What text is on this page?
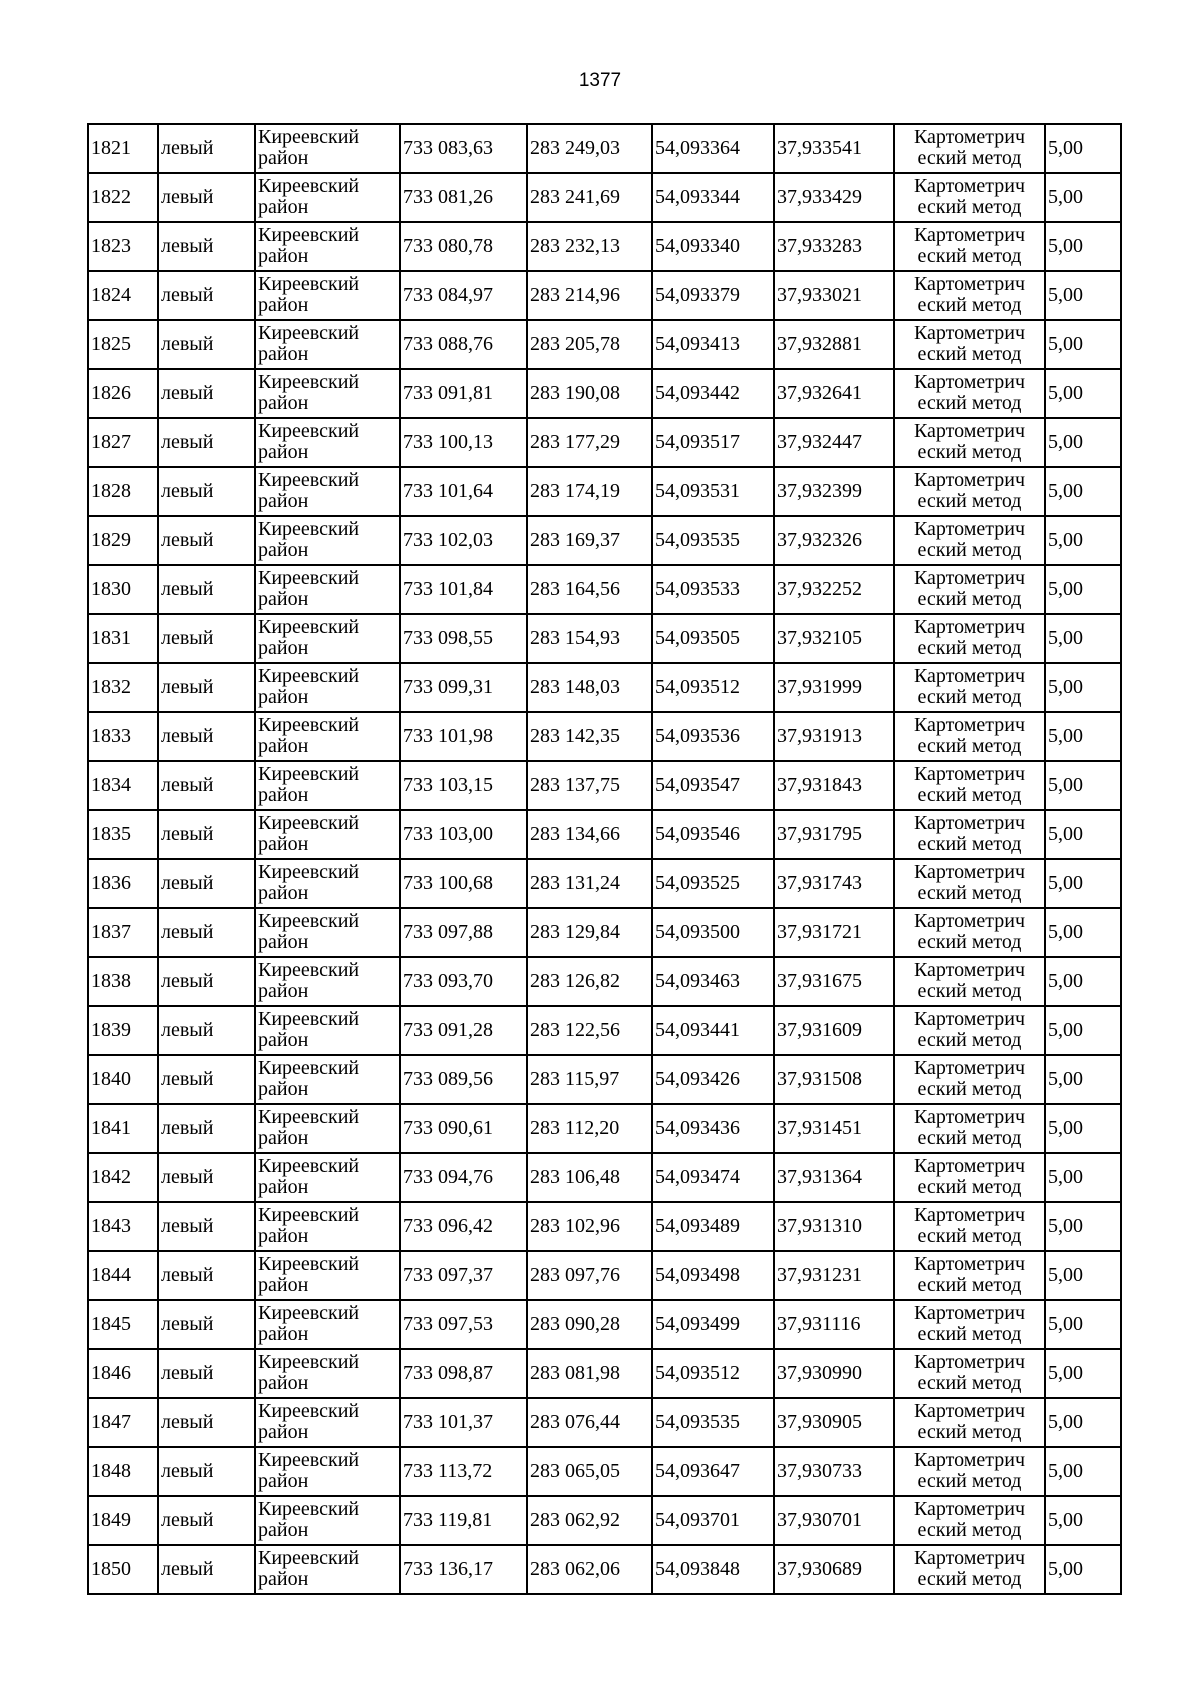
1377
1821	левый	Киреевский район	733 083,63	283 249,03	54,093364	37,933541	Картометрич еский метод	5,00
1822	левый	Киреевский район	733 081,26	283 241,69	54,093344	37,933429	Картометрич еский метод	5,00
1823	левый	Киреевский район	733 080,78	283 232,13	54,093340	37,933283	Картометрич еский метод	5,00
1824	левый	Киреевский район	733 084,97	283 214,96	54,093379	37,933021	Картометрич еский метод	5,00
1825	левый	Киреевский район	733 088,76	283 205,78	54,093413	37,932881	Картометрич еский метод	5,00
1826	левый	Киреевский район	733 091,81	283 190,08	54,093442	37,932641	Картометрич еский метод	5,00
1827	левый	Киреевский район	733 100,13	283 177,29	54,093517	37,932447	Картометрич еский метод	5,00
1828	левый	Киреевский район	733 101,64	283 174,19	54,093531	37,932399	Картометрич еский метод	5,00
1829	левый	Киреевский район	733 102,03	283 169,37	54,093535	37,932326	Картометрич еский метод	5,00
1830	левый	Киреевский район	733 101,84	283 164,56	54,093533	37,932252	Картометрич еский метод	5,00
1831	левый	Киреевский район	733 098,55	283 154,93	54,093505	37,932105	Картометрич еский метод	5,00
1832	левый	Киреевский район	733 099,31	283 148,03	54,093512	37,931999	Картометрич еский метод	5,00
1833	левый	Киреевский район	733 101,98	283 142,35	54,093536	37,931913	Картометрич еский метод	5,00
1834	левый	Киреевский район	733 103,15	283 137,75	54,093547	37,931843	Картометрич еский метод	5,00
1835	левый	Киреевский район	733 103,00	283 134,66	54,093546	37,931795	Картометрич еский метод	5,00
1836	левый	Киреевский район	733 100,68	283 131,24	54,093525	37,931743	Картометрич еский метод	5,00
1837	левый	Киреевский район	733 097,88	283 129,84	54,093500	37,931721	Картометрич еский метод	5,00
1838	левый	Киреевский район	733 093,70	283 126,82	54,093463	37,931675	Картометрич еский метод	5,00
1839	левый	Киреевский район	733 091,28	283 122,56	54,093441	37,931609	Картометрич еский метод	5,00
1840	левый	Киреевский район	733 089,56	283 115,97	54,093426	37,931508	Картометрич еский метод	5,00
1841	левый	Киреевский район	733 090,61	283 112,20	54,093436	37,931451	Картометрич еский метод	5,00
1842	левый	Киреевский район	733 094,76	283 106,48	54,093474	37,931364	Картометрич еский метод	5,00
1843	левый	Киреевский район	733 096,42	283 102,96	54,093489	37,931310	Картометрич еский метод	5,00
1844	левый	Киреевский район	733 097,37	283 097,76	54,093498	37,931231	Картометрич еский метод	5,00
1845	левый	Киреевский район	733 097,53	283 090,28	54,093499	37,931116	Картометрич еский метод	5,00
1846	левый	Киреевский район	733 098,87	283 081,98	54,093512	37,930990	Картометрич еский метод	5,00
1847	левый	Киреевский район	733 101,37	283 076,44	54,093535	37,930905	Картометрич еский метод	5,00
1848	левый	Киреевский район	733 113,72	283 065,05	54,093647	37,930733	Картометрич еский метод	5,00
1849	левый	Киреевский район	733 119,81	283 062,92	54,093701	37,930701	Картометрич еский метод	5,00
1850	левый	Киреевский район	733 136,17	283 062,06	54,093848	37,930689	Картометрич еский метод	5,00
